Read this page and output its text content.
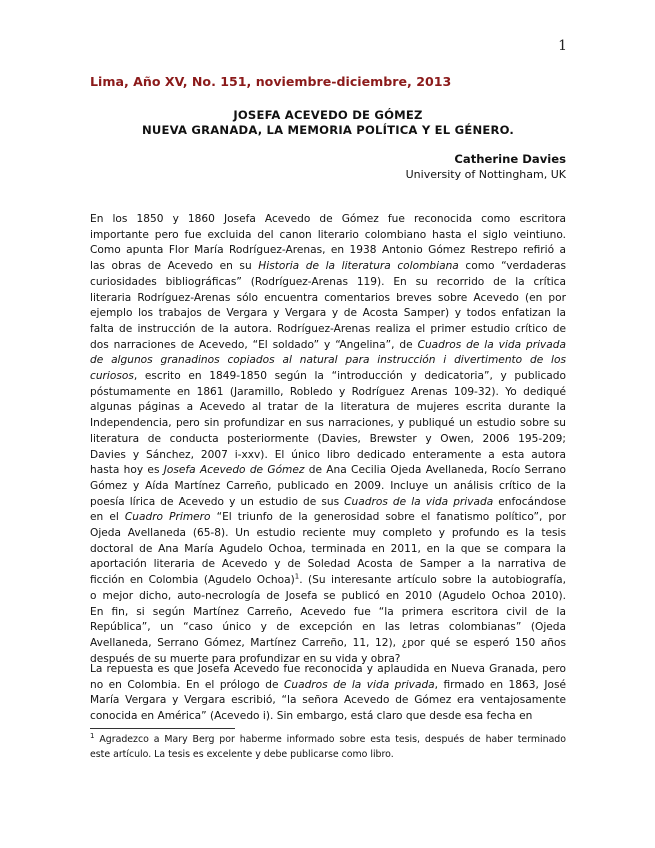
1
Lima, Año XV, No. 151, noviembre-diciembre, 2013
JOSEFA ACEVEDO DE GÓMEZ
NUEVA GRANADA, LA MEMORIA POLÍTICA Y EL GÉNERO.
Catherine Davies
University of Nottingham, UK
En los 1850 y 1860 Josefa Acevedo de Gómez fue reconocida como escritora
importante pero fue excluida del canon literario colombiano hasta el siglo veintiuno.
Como apunta Flor María Rodríguez-Arenas, en 1938 Antonio Gómez Restrepo refirió a
las obras de Acevedo en su Historia de la literatura colombiana como “verdaderas
curiosidades bibliográficas” (Rodríguez-Arenas 119). En su recorrido de la crítica
literaria Rodríguez-Arenas sólo encuentra comentarios breves sobre Acevedo (en por
ejemplo los trabajos de Vergara y Vergara y de Acosta Samper) y todos enfatizan la
falta de instrucción de la autora. Rodríguez-Arenas realiza el primer estudio crítico de
dos narraciones de Acevedo, “El soldado” y “Angelina”, de Cuadros de la vida privada
de algunos granadinos copiados al natural para instrucción i divertimento de los
curiosos, escrito en 1849-1850 según la “introducción y dedicatoria”, y publicado
póstumamente en 1861 (Jaramillo, Robledo y Rodríguez Arenas 109-32). Yo dediqué
algunas páginas a Acevedo al tratar de la literatura de mujeres escrita durante la
Independencia, pero sin profundizar en sus narraciones, y publiqué un estudio sobre su
literatura de conducta posteriormente (Davies, Brewster y Owen, 2006 195-209;
Davies y Sánchez, 2007 i-xxv). El único libro dedicado enteramente a esta autora
hasta hoy es Josefa Acevedo de Gómez de Ana Cecilia Ojeda Avellaneda, Rocío Serrano
Gómez y Aída Martínez Carreño, publicado en 2009. Incluye un análisis crítico de la
poesía lírica de Acevedo y un estudio de sus Cuadros de la vida privada enfocándose
en el Cuadro Primero “El triunfo de la generosidad sobre el fanatismo político”, por
Ojeda Avellaneda (65-8). Un estudio reciente muy completo y profundo es la tesis
doctoral de Ana María Agudelo Ochoa, terminada en 2011, en la que se compara la
aportación literaria de Acevedo y de Soledad Acosta de Samper a la narrativa de
ficción en Colombia (Agudelo Ochoa)$^1$. (Su interesante artículo sobre la autobiografía,
o mejor dicho, auto-necrología de Josefa se publicó en 2010 (Agudelo Ochoa 2010).
En fin, si según Martínez Carreño, Acevedo fue “la primera escritora civil de la
República”, un “caso único y de excepción en las letras colombianas” (Ojeda
Avellaneda, Serrano Gómez, Martínez Carreño, 11, 12), ¿por qué se esperó 150 años
después de su muerte para profundizar en su vida y obra?
La repuesta es que Josefa Acevedo fue reconocida y aplaudida en Nueva Granada, pero
no en Colombia. En el prólogo de Cuadros de la vida privada, firmado en 1863, José
María Vergara y Vergara escribió, “la señora Acevedo de Gómez era ventajosamente
conocida en América” (Acevedo i). Sin embargo, está claro que desde esa fecha en
$^1$ Agradezco a Mary Berg por haberme informado sobre esta tesis, después de haber terminado
este artículo. La tesis es excelente y debe publicarse como libro.
